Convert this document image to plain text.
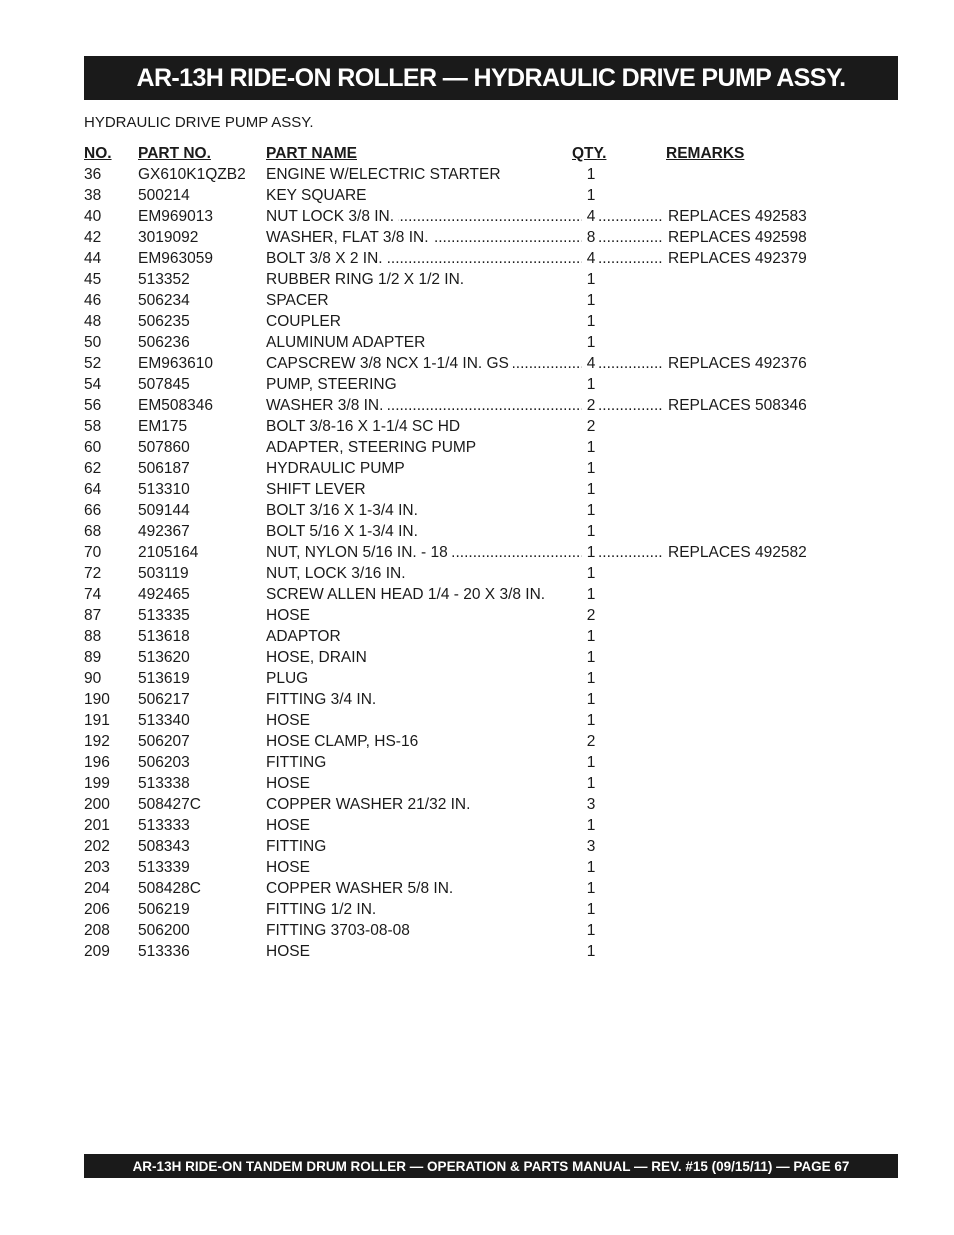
AR-13H RIDE-ON ROLLER — HYDRAULIC DRIVE PUMP ASSY.
HYDRAULIC DRIVE PUMP ASSY.
NO. PART NO.	PART NAME	QTY.	REMARKS
36 GX610K1QZB2 ENGINE W/ELECTRIC STARTER	1
38 500214	KEY SQUARE	1
.....
.....
40 EM969013	NUT LOCK 3/8 IN.	4	REPLACES 492583
.....
.....
42 3019092	WASHER, FLAT 3/8 IN.	8	REPLACES 492598
.....
.....
44 EM963059	BOLT 3/8 X 2 IN.	4	REPLACES 492379
45 513352	RUBBER RING 1/2 X 1/2 IN.	1
46 506234	SPACER	1
48 506235	COUPLER	1
50 506236	ALUMINUM ADAPTER	1
.....
.....
52 EM963610	CAPSCREW 3/8 NCX 1-1/4 IN. GS	4	REPLACES 492376
54 507845	PUMP, STEERING	1
.....
.....
56 EM508346	WASHER 3/8 IN.	2	REPLACES 508346
58 EM175	BOLT 3/8-16 X 1-1/4 SC HD	2
60 507860	ADAPTER, STEERING PUMP	1
62 506187	HYDRAULIC PUMP	1
64 513310	SHIFT LEVER	1
66 509144	BOLT 3/16 X 1-3/4 IN.	1
68 492367	BOLT 5/16 X 1-3/4 IN.	1
.....
.....
70 2105164	NUT, NYLON 5/16 IN. - 18	1	REPLACES 492582
72 503119	NUT, LOCK 3/16 IN.	1
74 492465	SCREW ALLEN HEAD 1/4 - 20 X 3/8 IN.	1
87 513335	HOSE	2
88 513618	ADAPTOR	1
89 513620	HOSE, DRAIN	1
90 513619	PLUG	1
190 506217	FITTING 3/4 IN.	1
191 513340	HOSE	1
192 506207	HOSE CLAMP, HS-16	2
196 506203	FITTING	1
199 513338	HOSE	1
200 508427C	COPPER WASHER 21/32 IN.	3
201 513333	HOSE	1
202 508343	FITTING	3
203 513339	HOSE	1
204 508428C	COPPER WASHER 5/8 IN.	1
206 506219	FITTING 1/2 IN.	1
208 506200	FITTING 3703-08-08	1
209 513336	HOSE	1
AR-13H RIDE-ON TANDEM DRUM ROLLER — OPERATION & PARTS MANUAL — REV. #15 (09/15/11) — PAGE 67
